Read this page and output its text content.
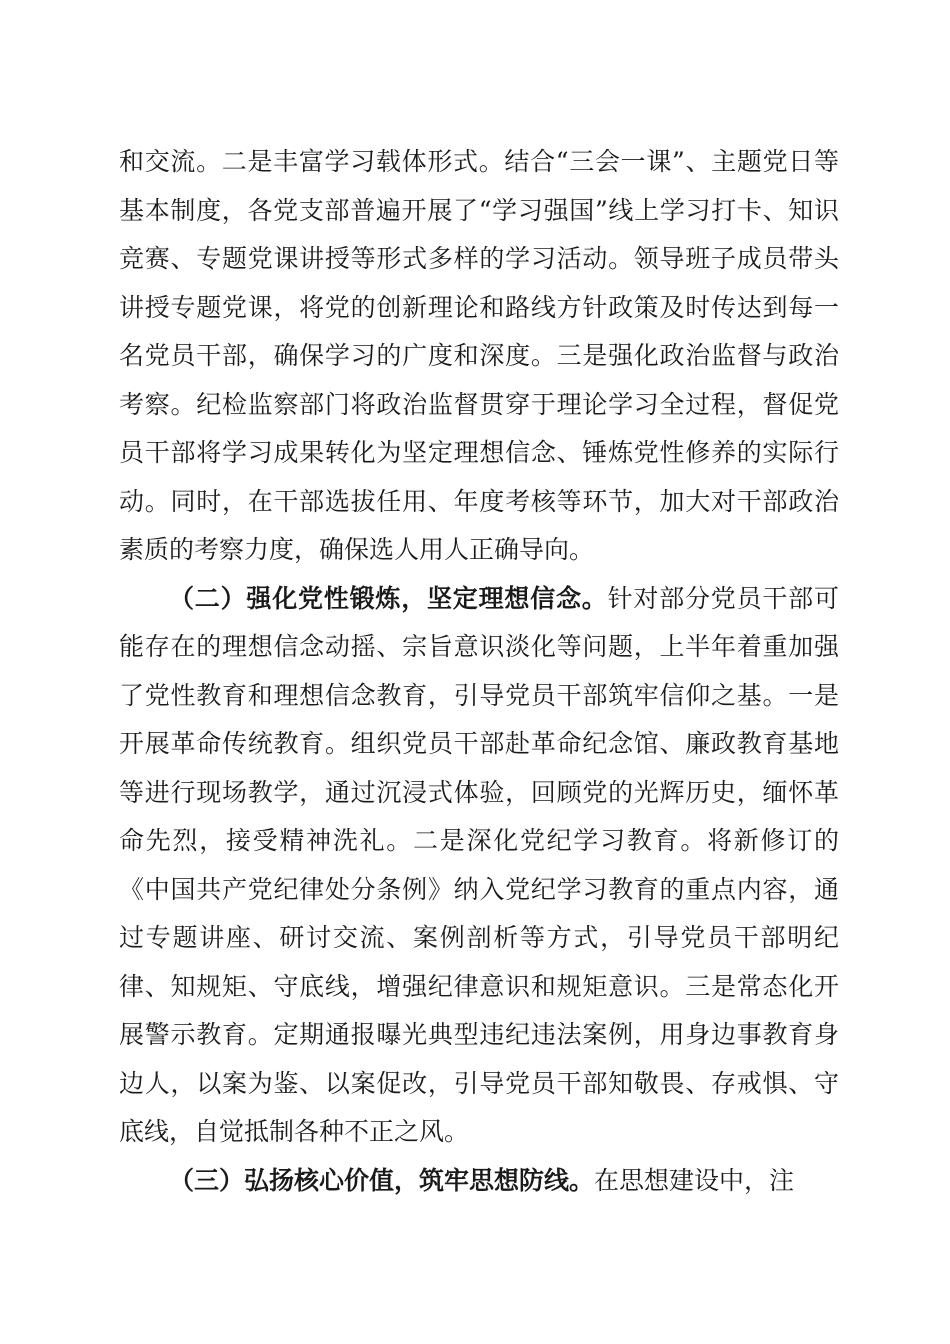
和交流。二是丰富学习载体形式。结合“三会一课”、主题党日等基本制度，各党支部普遍开展了“学习强国”线上学习打卡、知识竞赛、专题党课讲授等形式多样的学习活动。领导班子成员带头讲授专题党课，将党的创新理论和路线方针政策及时传达到每一名党员干部，确保学习的广度和深度。三是强化政治监督与政治考察。纪检监察部门将政治监督贯穿于理论学习全过程，督促党员干部将学习成果转化为坚定理想信念、锤炼党性修养的实际行动。同时，在干部选拔任用、年度考核等环节，加大对干部政治素质的考察力度，确保选人用人正确导向。

（二）强化党性锻炼，坚定理想信念。针对部分党员干部可能存在的理想信念动摇、宗旨意识淡化等问题，上半年着重加强了党性教育和理想信念教育，引导党员干部筑牢信仰之基。一是开展革命传统教育。组织党员干部赴革命纪念馆、廉政教育基地等进行现场教学，通过沉浸式体验，回顾党的光辉历史，缅怀革命先烈，接受精神洗礼。二是深化党纪学习教育。将新修订的《中国共产党纪律处分条例》纳入党纪学习教育的重点内容，通过专题讲座、研讨交流、案例剖析等方式，引导党员干部明纪律、知规矩、守底线，增强纪律意识和规矩意识。三是常态化开展警示教育。定期通报曝光典型违纪违法案例，用身边事教育身边人，以案为鉴、以案促改，引导党员干部知敬畏、存戒惧、守底线，自觉抵制各种不正之风。

（三）弘扬核心价值，筑牢思想防线。在思想建设中，注
